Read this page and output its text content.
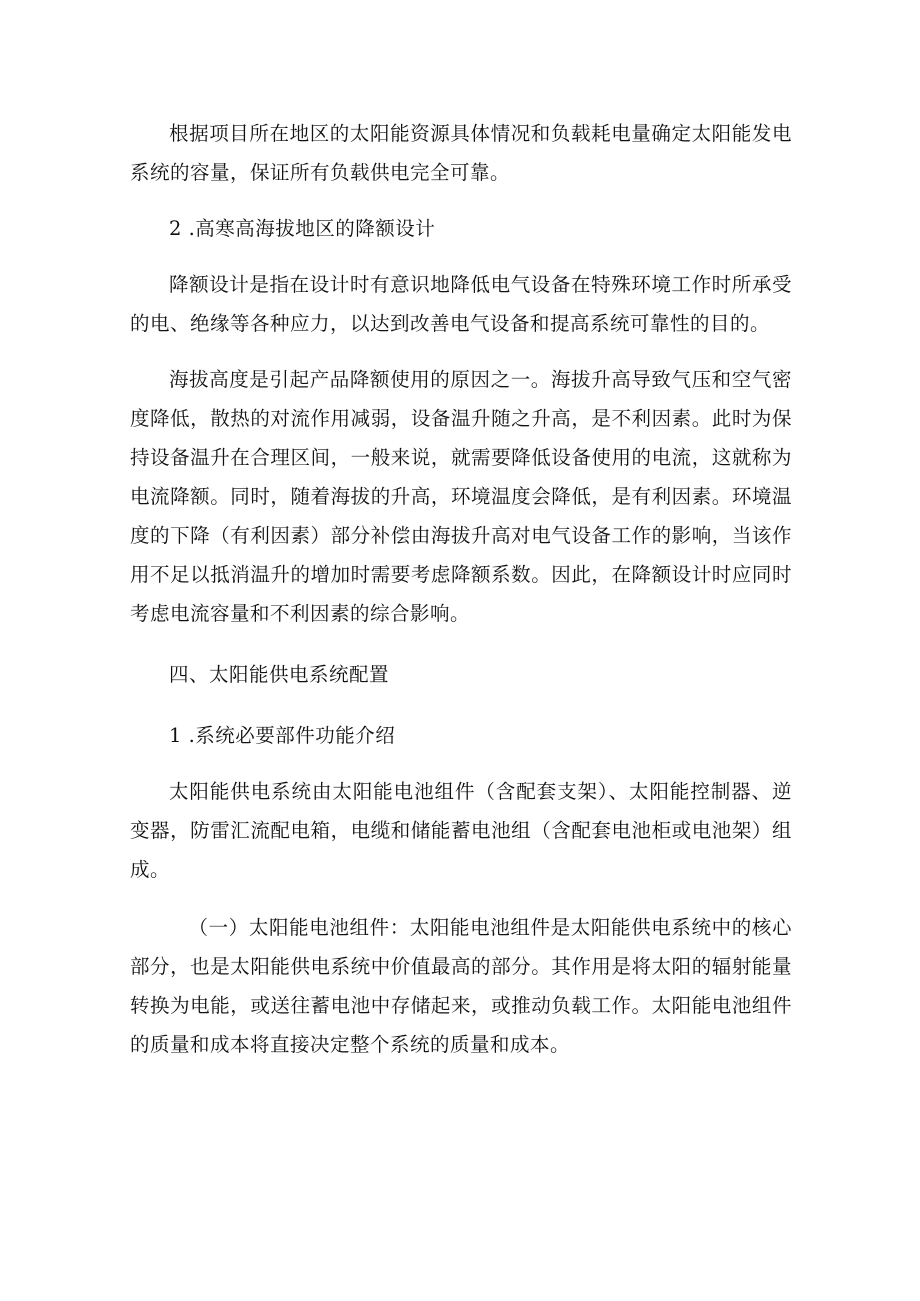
根据项目所在地区的太阳能资源具体情况和负载耗电量确定太阳能发电系统的容量，保证所有负载供电完全可靠。

2 .高寒高海拔地区的降额设计

降额设计是指在设计时有意识地降低电气设备在特殊环境工作时所承受的电、绝缘等各种应力，以达到改善电气设备和提高系统可靠性的目的。

海拔高度是引起产品降额使用的原因之一。海拔升高导致气压和空气密度降低，散热的对流作用减弱，设备温升随之升高，是不利因素。此时为保持设备温升在合理区间，一般来说，就需要降低设备使用的电流，这就称为电流降额。同时，随着海拔的升高，环境温度会降低，是有利因素。环境温度的下降（有利因素）部分补偿由海拔升高对电气设备工作的影响，当该作用不足以抵消温升的增加时需要考虑降额系数。因此，在降额设计时应同时考虑电流容量和不利因素的综合影响。

四、太阳能供电系统配置

1 .系统必要部件功能介绍

太阳能供电系统由太阳能电池组件（含配套支架）、太阳能控制器、逆变器，防雷汇流配电箱，电缆和储能蓄电池组（含配套电池柜或电池架）组成。

（一）太阳能电池组件：太阳能电池组件是太阳能供电系统中的核心部分，也是太阳能供电系统中价值最高的部分。其作用是将太阳的辐射能量转换为电能，或送往蓄电池中存储起来，或推动负载工作。太阳能电池组件的质量和成本将直接决定整个系统的质量和成本。
